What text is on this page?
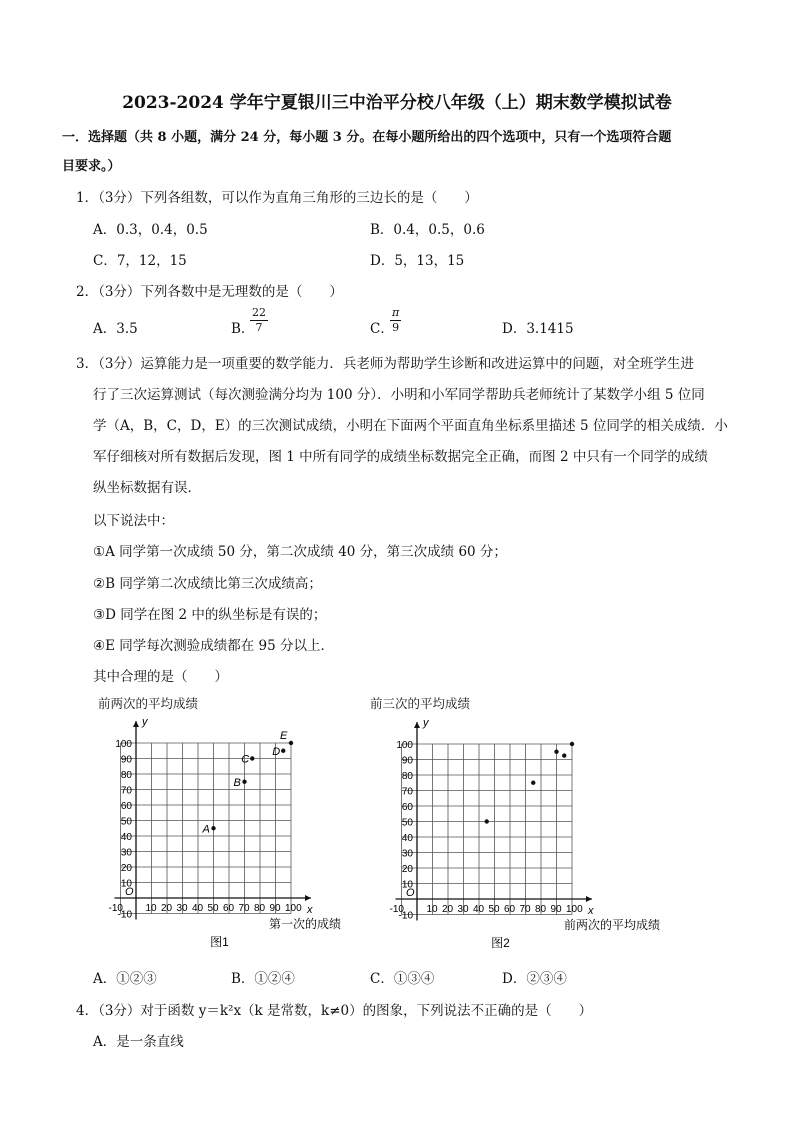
2023-2024 学年宁夏银川三中治平分校八年级（上）期末数学模拟试卷
一．选择题（共 8 小题，满分 24 分，每小题 3 分。在每小题所给出的四个选项中，只有一个选项符合题
目要求。）
1．（3分）下列各组数，可以作为直角三角形的三边长的是（　　）
A．0.3，0.4，0.5	B．0.4，0.5，0.6
C．7，12，15	D．5，13，15
2．（3分）下列各数中是无理数的是（　　）
A．3.5	B．
$\frac{22}{7}$	C．
$\frac{\pi}{9}$	D．3.1415
3．（3分）运算能力是一项重要的数学能力．兵老师为帮助学生诊断和改进运算中的问题，对全班学生进
行了三次运算测试（每次测验满分均为 100 分）．小明和小军同学帮助兵老师统计了某数学小组 5 位同
学（A，B，C，D，E）的三次测试成绩，小明在下面两个平面直角坐标系里描述 5 位同学的相关成绩．小
军仔细核对所有数据后发现，图 1 中所有同学的成绩坐标数据完全正确，而图 2 中只有一个同学的成绩
纵坐标数据有误．
以下说法中：
①A 同学第一次成绩 50 分，第二次成绩 40 分，第三次成绩 60 分；
②B 同学第二次成绩比第三次成绩高；
③D 同学在图 2 中的纵坐标是有误的；
④E 同学每次测验成绩都在 95 分以上．
其中合理的是（　　）
前两次的平均成绩
y
x
O
-10 10 20 30 40 50 60 70 80 90 100
-10
10
20
30
40
50
60
70
80
90
100
A
B
C
D
E
第一次的成绩
图1
前三次的平均成绩
y
x
O
-10 10 20 30 40 50 60 70 80 90 100
-10
10
20
30
40
50
60
70
80
90
100
前两次的平均成绩
图2
A．①②③	B．①②④	C．①③④	D．②③④
4．（3分）对于函数 y＝k²x（k 是常数，k≠0）的图象，下列说法不正确的是（　　）
A．是一条直线
